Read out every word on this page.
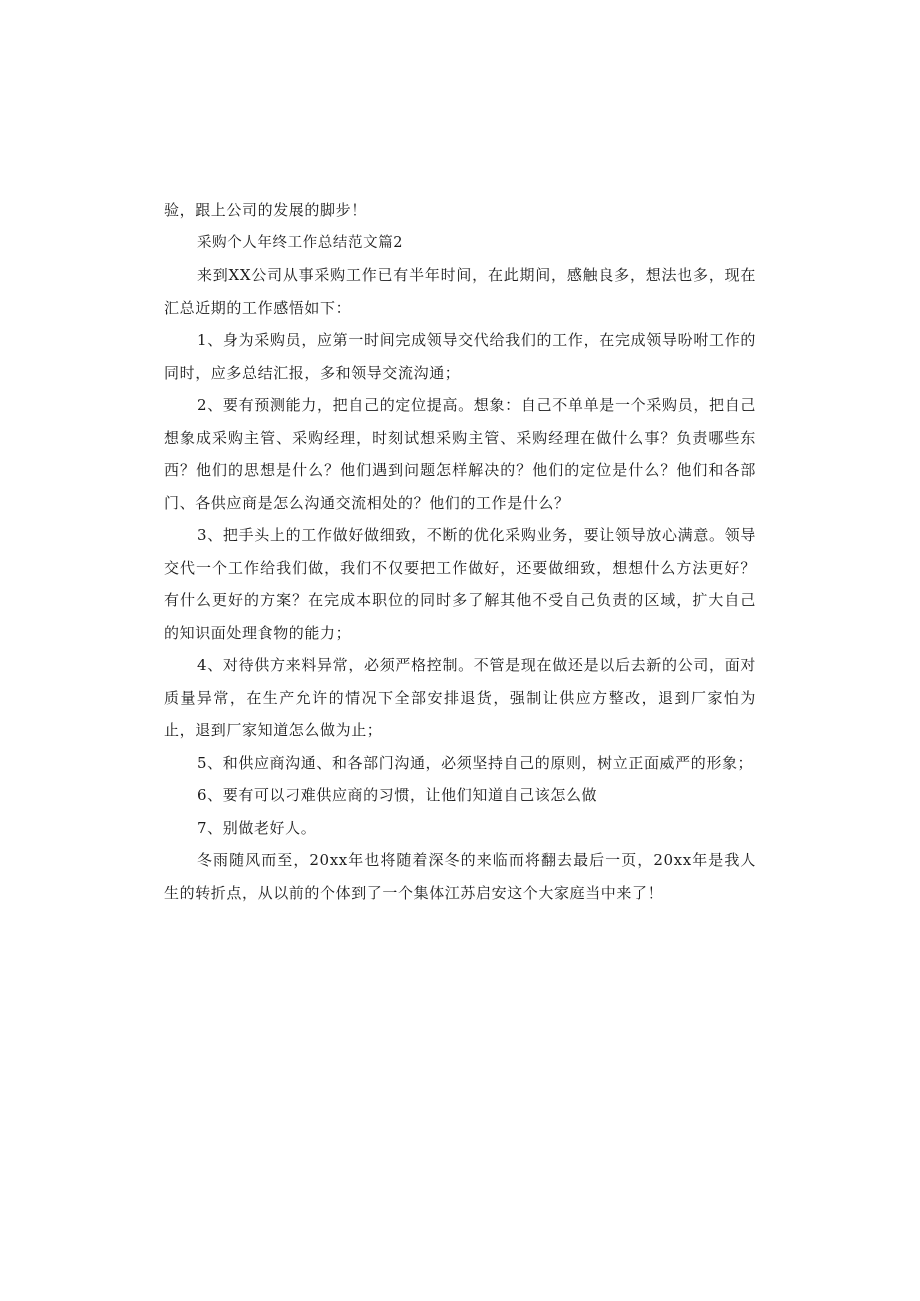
验，跟上公司的发展的脚步！

采购个人年终工作总结范文篇2

来到XX公司从事采购工作已有半年时间，在此期间，感触良多，想法也多，现在汇总近期的工作感悟如下：

1、身为采购员，应第一时间完成领导交代给我们的工作，在完成领导吩咐工作的同时，应多总结汇报，多和领导交流沟通；

2、要有预测能力，把自己的定位提高。想象：自己不单单是一个采购员，把自己想象成采购主管、采购经理，时刻试想采购主管、采购经理在做什么事？负责哪些东西？他们的思想是什么？他们遇到问题怎样解决的？他们的定位是什么？他们和各部门、各供应商是怎么沟通交流相处的？他们的工作是什么？

3、把手头上的工作做好做细致，不断的优化采购业务，要让领导放心满意。领导交代一个工作给我们做，我们不仅要把工作做好，还要做细致，想想什么方法更好？有什么更好的方案？在完成本职位的同时多了解其他不受自己负责的区域，扩大自己的知识面处理食物的能力；

4、对待供方来料异常，必须严格控制。不管是现在做还是以后去新的公司，面对质量异常，在生产允许的情况下全部安排退货，强制让供应方整改，退到厂家怕为止，退到厂家知道怎么做为止；

5、和供应商沟通、和各部门沟通，必须坚持自己的原则，树立正面威严的形象；

6、要有可以刁难供应商的习惯，让他们知道自己该怎么做

7、别做老好人。

冬雨随风而至，20xx年也将随着深冬的来临而将翻去最后一页，20xx年是我人生的转折点，从以前的个体到了一个集体江苏启安这个大家庭当中来了！
